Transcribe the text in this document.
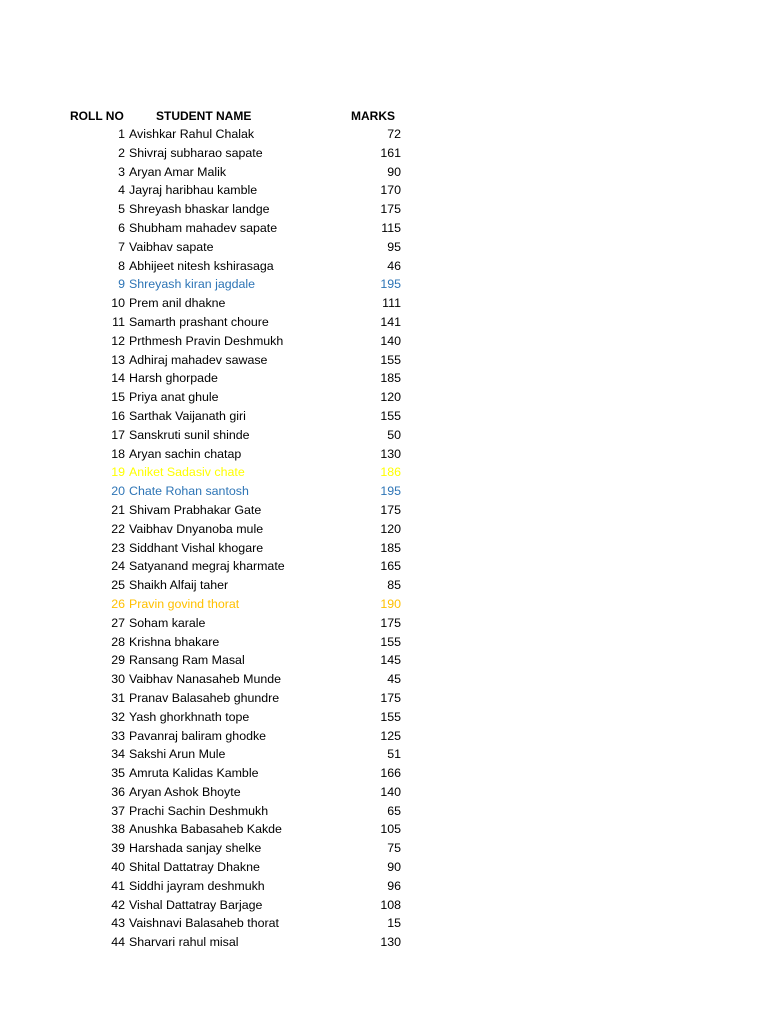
ROLL NO	STUDENT NAME	MARKS
1 Avishkar Rahul Chalak	72
2 Shivraj subharao sapate	161
3 Aryan Amar Malik	90
4 Jayraj haribhau kamble	170
5 Shreyash bhaskar landge	175
6 Shubham mahadev sapate	115
7 Vaibhav sapate	95
8 Abhijeet nitesh kshirasaga	46
9 Shreyash kiran jagdale	195
10 Prem anil dhakne	111
11 Samarth prashant choure	141
12 Prthmesh Pravin Deshmukh	140
13 Adhiraj mahadev sawase	155
14 Harsh ghorpade	185
15 Priya anat ghule	120
16 Sarthak Vaijanath giri	155
17 Sanskruti sunil shinde	50
18 Aryan sachin chatap	130
19 Aniket Sadasiv chate	186
20 Chate Rohan santosh	195
21 Shivam Prabhakar Gate	175
22 Vaibhav Dnyanoba mule	120
23 Siddhant Vishal khogare	185
24 Satyanand megraj kharmate	165
25 Shaikh Alfaij taher	85
26 Pravin govind thorat	190
27 Soham karale	175
28 Krishna bhakare	155
29 Ransang Ram Masal	145
30 Vaibhav Nanasaheb Munde	45
31 Pranav Balasaheb ghundre	175
32 Yash ghorkhnath tope	155
33 Pavanraj baliram ghodke	125
34 Sakshi Arun Mule	51
35 Amruta Kalidas Kamble	166
36 Aryan Ashok Bhoyte	140
37 Prachi Sachin Deshmukh	65
38 Anushka Babasaheb Kakde	105
39 Harshada sanjay shelke	75
40 Shital Dattatray Dhakne	90
41 Siddhi jayram deshmukh	96
42 Vishal Dattatray Barjage	108
43 Vaishnavi Balasaheb thorat	15
44 Sharvari rahul misal	130
